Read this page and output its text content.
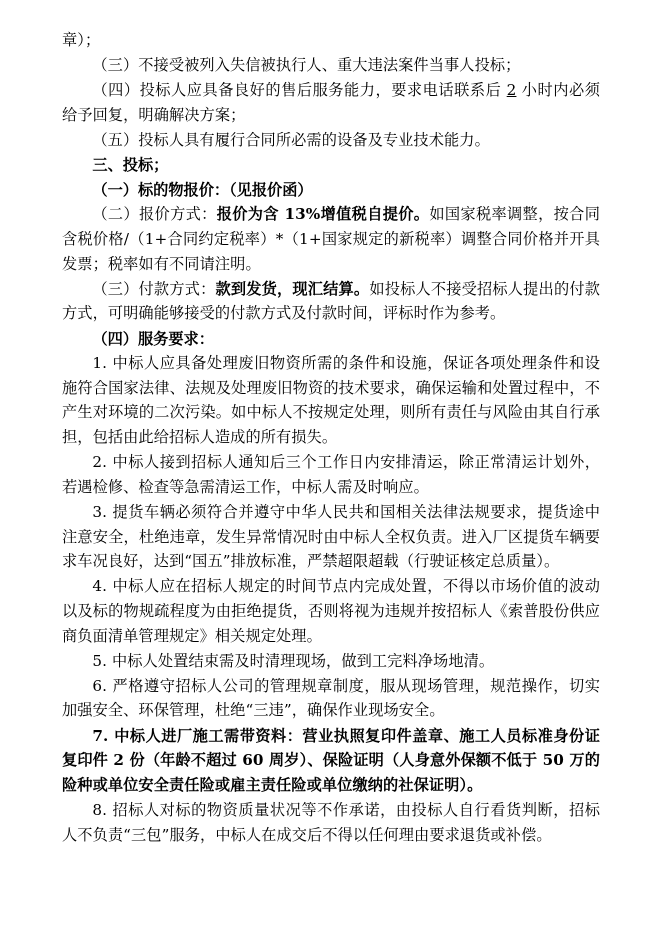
章）；

（三）不接受被列入失信被执行人、重大违法案件当事人投标；

（四）投标人应具备良好的售后服务能力，要求电话联系后 2 小时内必须给予回复，明确解决方案；

（五）投标人具有履行合同所必需的设备及专业技术能力。

三、投标；

（一）标的物报价：（见报价函）

（二）报价方式：报价为含 13%增值税自提价。如国家税率调整，按合同含税价格/（1+合同约定税率）*（1+国家规定的新税率）调整合同价格并开具发票；税率如有不同请注明。

（三）付款方式：款到发货，现汇结算。如投标人不接受招标人提出的付款方式，可明确能够接受的付款方式及付款时间，评标时作为参考。

（四）服务要求：

1. 中标人应具备处理废旧物资所需的条件和设施，保证各项处理条件和设施符合国家法律、法规及处理废旧物资的技术要求，确保运输和处置过程中，不产生对环境的二次污染。如中标人不按规定处理，则所有责任与风险由其自行承担，包括由此给招标人造成的所有损失。

2. 中标人接到招标人通知后三个工作日内安排清运，除正常清运计划外，若遇检修、检查等急需清运工作，中标人需及时响应。

3. 提货车辆必须符合并遵守中华人民共和国相关法律法规要求，提货途中注意安全，杜绝违章，发生异常情况时由中标人全权负责。进入厂区提货车辆要求车况良好，达到“国五”排放标准，严禁超限超载（行驶证核定总质量）。

4. 中标人应在招标人规定的时间节点内完成处置，不得以市场价值的波动以及标的物规疏程度为由拒绝提货，否则将视为违规并按招标人《索普股份供应商负面清单管理规定》相关规定处理。

5. 中标人处置结束需及时清理现场，做到工完料净场地清。

6. 严格遵守招标人公司的管理规章制度，服从现场管理，规范操作，切实加强安全、环保管理，杜绝“三违”，确保作业现场安全。

7. 中标人进厂施工需带资料：营业执照复印件盖章、施工人员标准身份证复印件 2 份（年龄不超过 60 周岁）、保险证明（人身意外保额不低于 50 万的险种或单位安全责任险或雇主责任险或单位缴纳的社保证明）。

8. 招标人对标的物资质量状况等不作承诺，由投标人自行看货判断，招标人不负责“三包”服务，中标人在成交后不得以任何理由要求退货或补偿。
